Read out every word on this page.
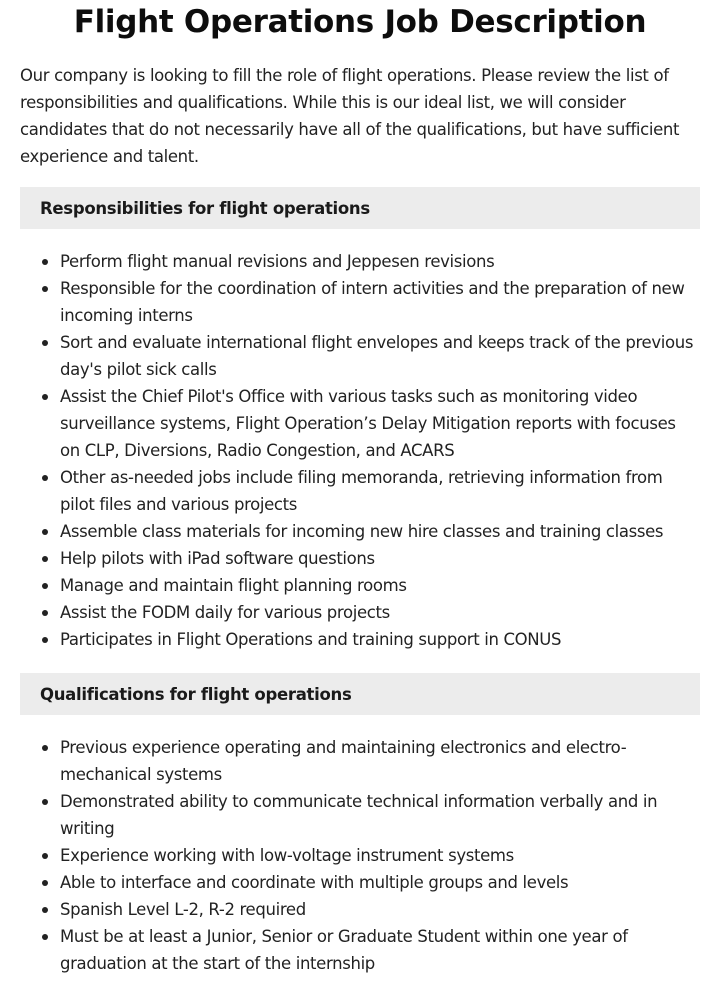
Flight Operations Job Description

Our company is looking to fill the role of flight operations. Please review the list of responsibilities and qualifications. While this is our ideal list, we will consider candidates that do not necessarily have all of the qualifications, but have sufficient experience and talent.

Responsibilities for flight operations
Perform flight manual revisions and Jeppesen revisions
Responsible for the coordination of intern activities and the preparation of new incoming interns
Sort and evaluate international flight envelopes and keeps track of the previous day's pilot sick calls
Assist the Chief Pilot's Office with various tasks such as monitoring video surveillance systems, Flight Operation’s Delay Mitigation reports with focuses on CLP, Diversions, Radio Congestion, and ACARS
Other as-needed jobs include filing memoranda, retrieving information from pilot files and various projects
Assemble class materials for incoming new hire classes and training classes
Help pilots with iPad software questions
Manage and maintain flight planning rooms
Assist the FODM daily for various projects
Participates in Flight Operations and training support in CONUS
Qualifications for flight operations
Previous experience operating and maintaining electronics and electro-mechanical systems
Demonstrated ability to communicate technical information verbally and in writing
Experience working with low-voltage instrument systems
Able to interface and coordinate with multiple groups and levels
Spanish Level L-2, R-2 required
Must be at least a Junior, Senior or Graduate Student within one year of graduation at the start of the internship
